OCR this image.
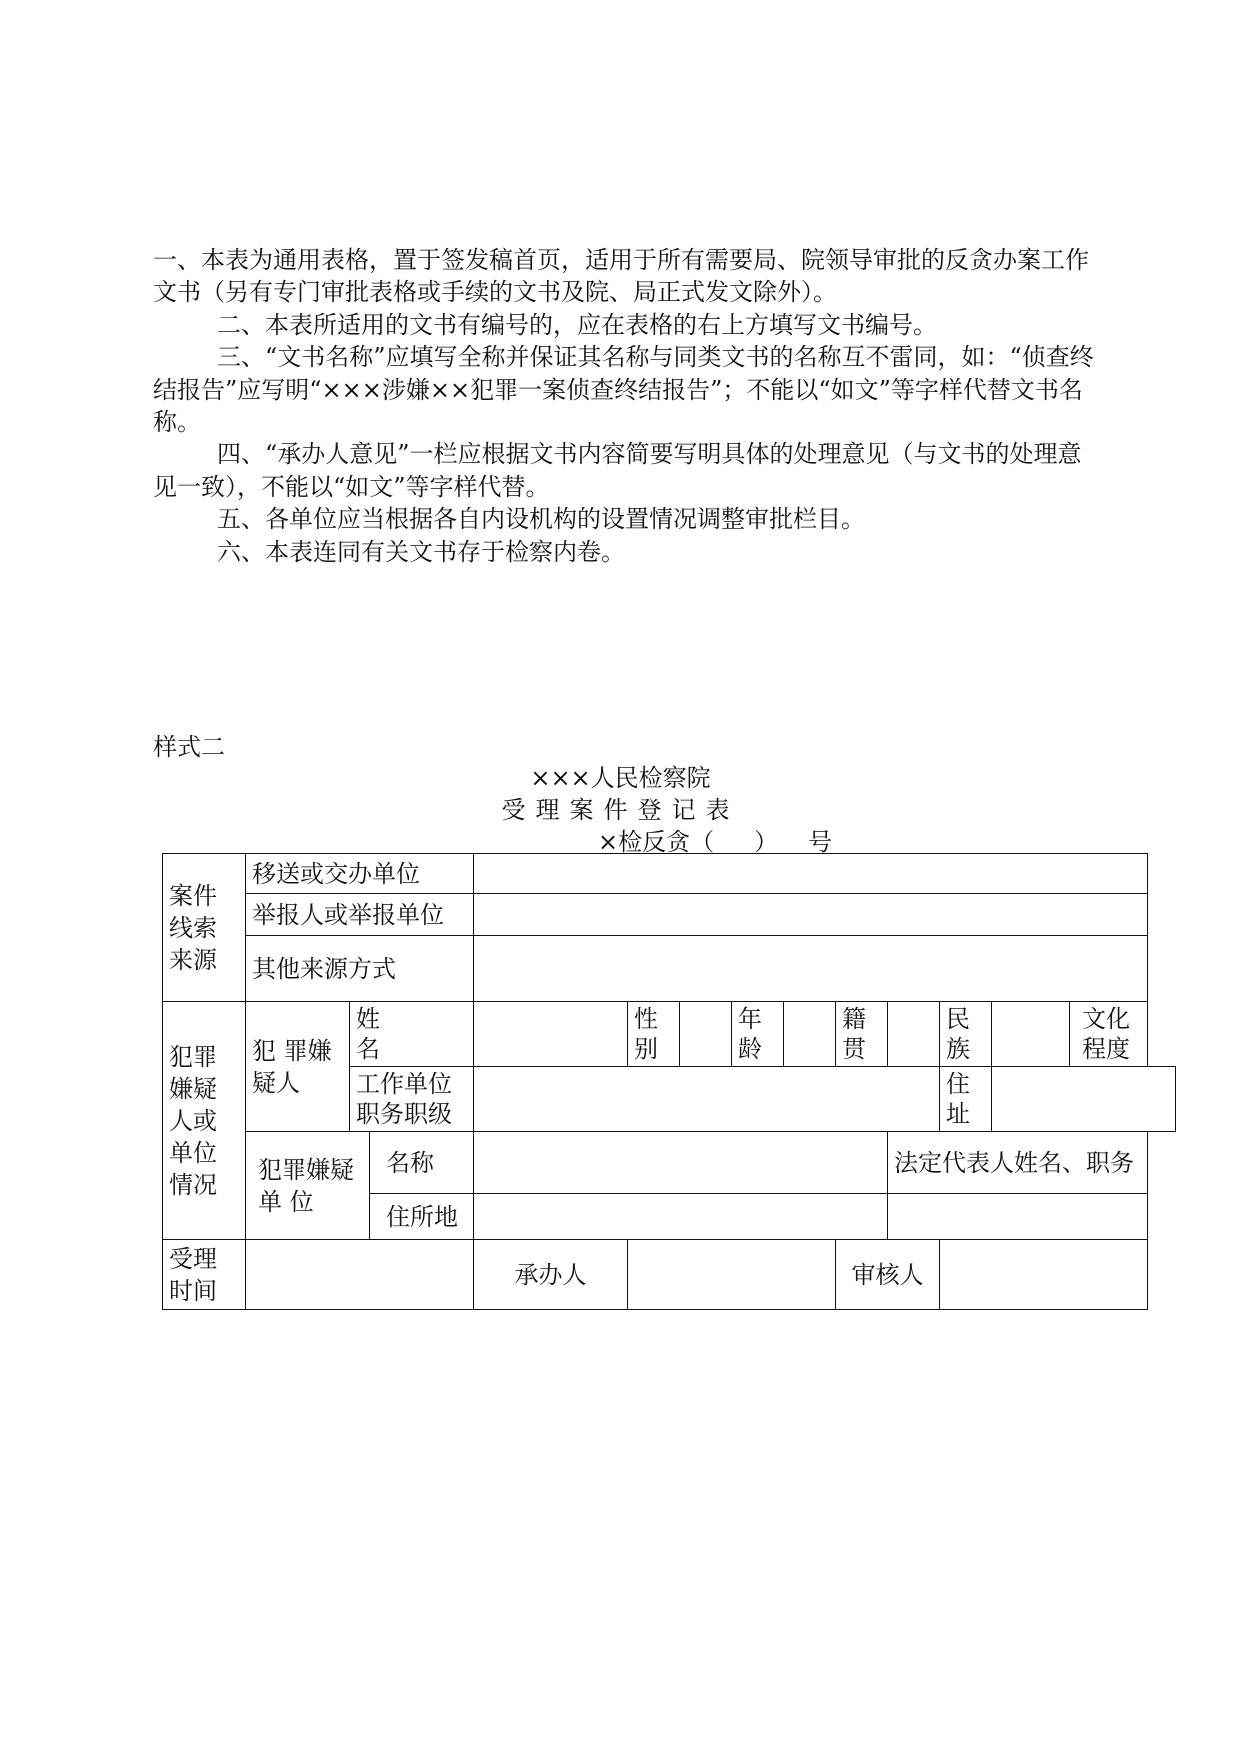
一、本表为通用表格，置于签发稿首页，适用于所有需要局、院领导审批的反贪办案工作文书（另有专门审批表格或手续的文书及院、局正式发文除外）。

二、本表所适用的文书有编号的，应在表格的右上方填写文书编号。

三、“文书名称”应填写全称并保证其名称与同类文书的名称互不雷同，如：“侦查终结报告”应写明“×××涉嫌××犯罪一案侦查终结报告”；不能以“如文”等字样代替文书名称。

四、“承办人意见”一栏应根据文书内容简要写明具体的处理意见（与文书的处理意见一致），不能以“如文”等字样代替。

五、各单位应当根据各自内设机构的设置情况调整审批栏目。

六、本表连同有关文书存于检察内卷。

样式二
×××人民检察院
受理案件登记表
×检反贪（ ） 号
案件线索来源	移送或交办单位												
	举报人或举报单位												
	其他来源方式												

犯罪嫌疑人或单位情况	犯 罪嫌疑人	姓名			性别		年龄		籍贯		民族		文化程度

		工作单位职务职级									住址		

	犯罪嫌疑单 位		名称							法定代表人姓名、职务			
			住所地										

受理时间				承办人					审核人				
